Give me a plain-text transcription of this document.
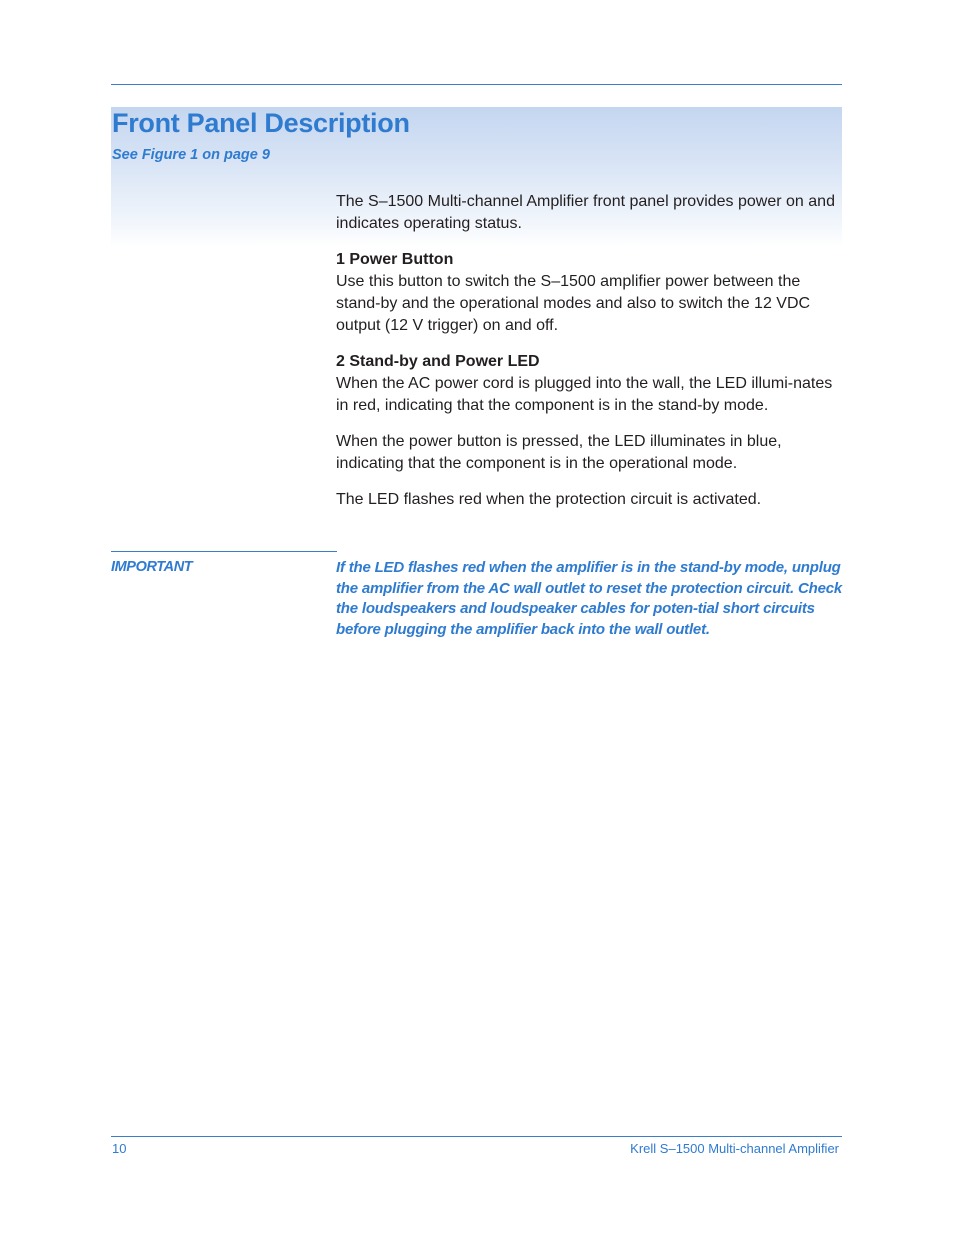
Front Panel Description
See Figure 1 on page 9

The S–1500 Multi-channel Amplifier front panel provides power on and indicates operating status.

1 Power Button
Use this button to switch the S–1500 amplifier power between the stand-by and the operational modes and also to switch the 12 VDC output (12 V trigger) on and off.

2 Stand-by and Power LED
When the AC power cord is plugged into the wall, the LED illumi-nates in red, indicating that the component is in the stand-by mode.

When the power button is pressed, the LED illuminates in blue, indicating that the component is in the operational mode.

The LED flashes red when the protection circuit is activated.

IMPORTANT	If the LED flashes red when the amplifier is in the stand-by mode, unplug the amplifier from the AC wall outlet to reset the protection circuit. Check the loudspeakers and loudspeaker cables for poten-tial short circuits before plugging the amplifier back into the wall outlet.
10	Krell S–1500 Multi-channel Amplifier
